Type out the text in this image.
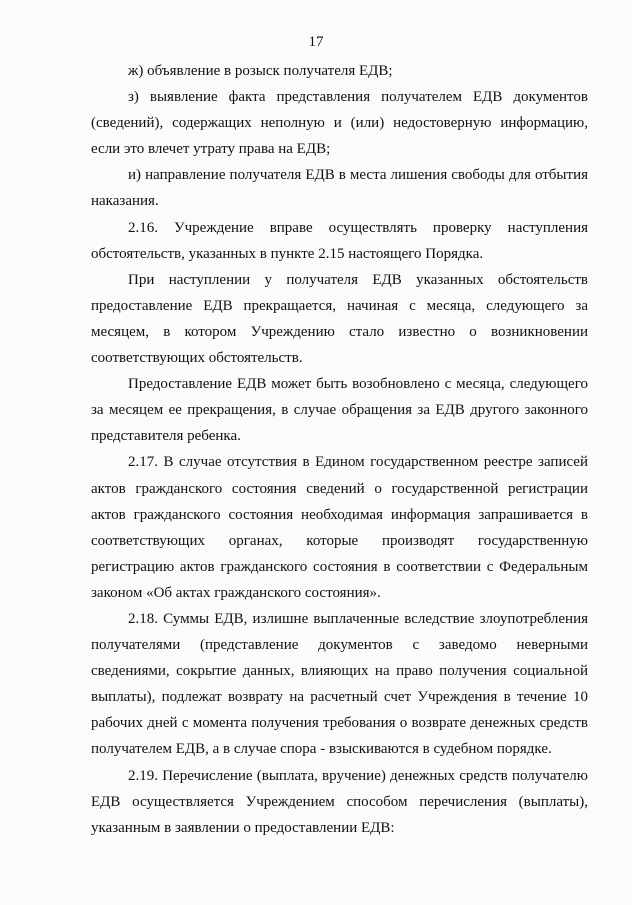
17

ж) объявление в розыск получателя ЕДВ;

з) выявление факта представления получателем ЕДВ документов (сведений), содержащих неполную и (или) недостоверную информацию, если это влечет утрату права на ЕДВ;

и) направление получателя ЕДВ в места лишения свободы для отбытия наказания.

2.16. Учреждение вправе осуществлять проверку наступления обстоятельств, указанных в пункте 2.15 настоящего Порядка.

При наступлении у получателя ЕДВ указанных обстоятельств предоставление ЕДВ прекращается, начиная с месяца, следующего за месяцем, в котором Учреждению стало известно о возникновении соответствующих обстоятельств.

Предоставление ЕДВ может быть возобновлено с месяца, следующего за месяцем ее прекращения, в случае обращения за ЕДВ другого законного представителя ребенка.

2.17. В случае отсутствия в Едином государственном реестре записей актов гражданского состояния сведений о государственной регистрации актов гражданского состояния необходимая информация запрашивается в соответствующих органах, которые производят государственную регистрацию актов гражданского состояния в соответствии с Федеральным законом «Об актах гражданского состояния».

2.18. Суммы ЕДВ, излишне выплаченные вследствие злоупотребления получателями (представление документов с заведомо неверными сведениями, сокрытие данных, влияющих на право получения социальной выплаты), подлежат возврату на расчетный счет Учреждения в течение 10 рабочих дней с момента получения требования о возврате денежных средств получателем ЕДВ, а в случае спора - взыскиваются в судебном порядке.

2.19. Перечисление (выплата, вручение) денежных средств получателю ЕДВ осуществляется Учреждением способом перечисления (выплаты), указанным в заявлении о предоставлении ЕДВ:
